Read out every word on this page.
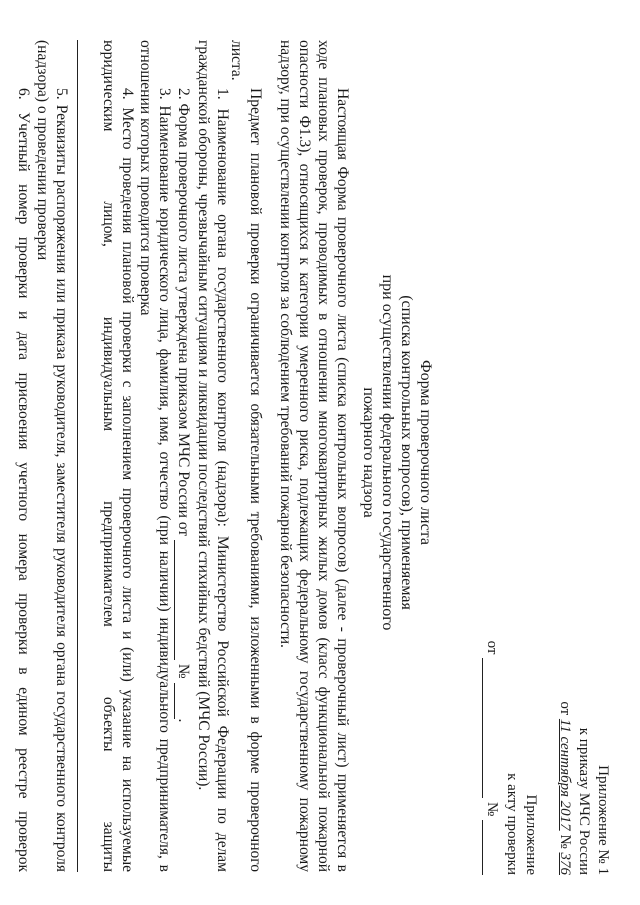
Приложение № 1
к приказу МЧС России
от 11 сентября 2017 № 376
Приложение
к акту проверки
от  №
Форма проверочного листа
(списка контрольных вопросов), применяемая
при осуществлении федерального государственного
пожарного надзора

Настоящая Форма проверочного листа (списка контрольных вопросов) (далее - проверочный лист) применяется в ходе плановых проверок, проводимых в отношении многоквартирных жилых домов (класс функциональной пожарной опасности Ф1.3), относящихся к категории умеренного риска, подлежащих федеральному государственному пожарному надзору, при осуществлении контроля за соблюдением требований пожарной безопасности.

Предмет плановой проверки ограничивается обязательными требованиями, изложенными в форме проверочного листа.

1. Наименование органа государственного контроля (надзора): Министерство Российской Федерации по делам гражданской обороны, чрезвычайным ситуациям и ликвидации последствий стихийных бедствий (МЧС России).

2. Форма проверочного листа утверждена приказом МЧС России от  № .

3. Наименование юридического лица, фамилия, имя, отчество (при наличии) индивидуального предпринимателя, в отношении которых проводится проверка

4. Место проведения плановой проверки с заполнением проверочного листа и (или) указание на используемые юридическим лицом, индивидуальным предпринимателем объекты защиты

5. Реквизиты распоряжения или приказа руководителя, заместителя руководителя органа государственного контроля (надзора) о проведении проверки

6. Учетный номер проверки и дата присвоения учетного номера проверки в едином реестре проверок
